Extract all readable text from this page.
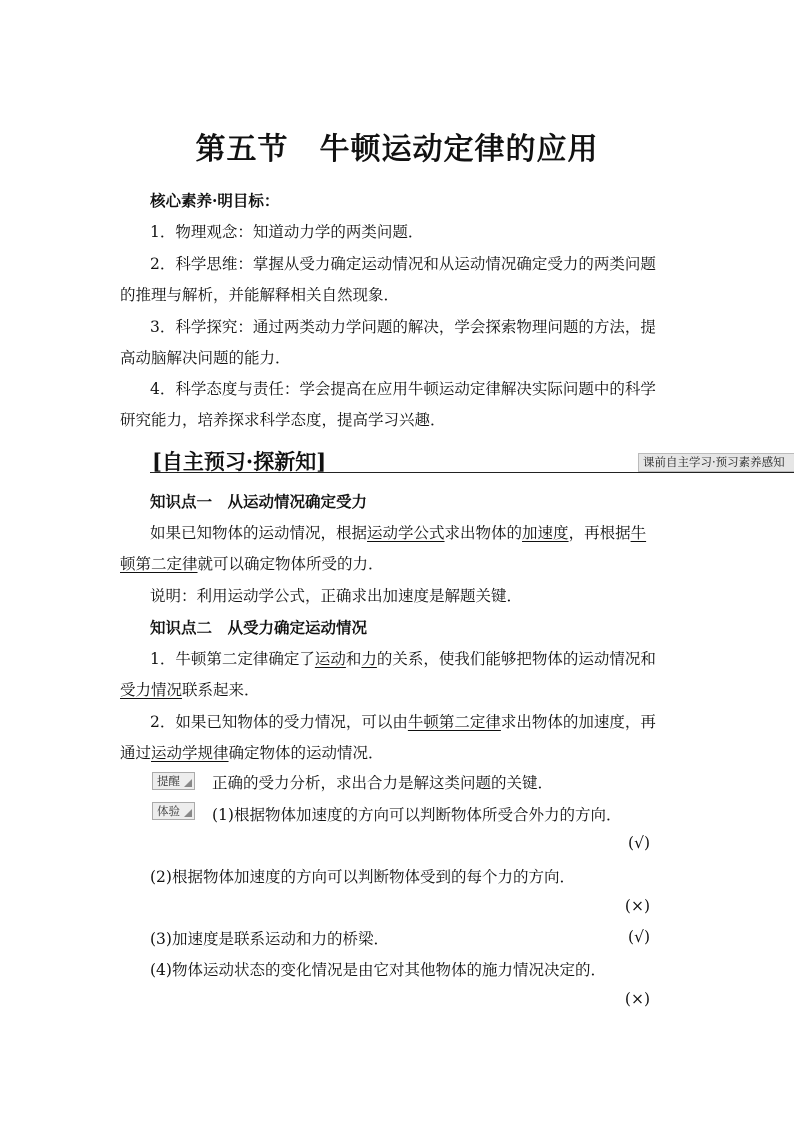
第五节　牛顿运动定律的应用
核心素养·明目标：
1．物理观念：知道动力学的两类问题．
2．科学思维：掌握从受力确定运动情况和从运动情况确定受力的两类问题
的推理与解析，并能解释相关自然现象．
3．科学探究：通过两类动力学问题的解决，学会探索物理问题的方法，提
高动脑解决问题的能力．
4．科学态度与责任：学会提高在应用牛顿运动定律解决实际问题中的科学
研究能力，培养探求科学态度，提高学习兴趣．
[自主预习·探新知]	课前自主学习·预习素养感知
知识点一　从运动情况确定受力
如果已知物体的运动情况，根据运动学公式求出物体的加速度，再根据牛
顿第二定律就可以确定物体所受的力．
说明：利用运动学公式，正确求出加速度是解题关键．
知识点二　从受力确定运动情况
1．牛顿第二定律确定了运动和力的关系，使我们能够把物体的运动情况和
受力情况联系起来．
2．如果已知物体的受力情况，可以由牛顿第二定律求出物体的加速度，再
通过运动学规律确定物体的运动情况．
提醒	正确的受力分析，求出合力是解这类问题的关键．
体验	(1)根据物体加速度的方向可以判断物体所受合外力的方向．
(√)
(2)根据物体加速度的方向可以判断物体受到的每个力的方向．
(×)
(3)加速度是联系运动和力的桥梁．	(√)
(4)物体运动状态的变化情况是由它对其他物体的施力情况决定的．
(×)
